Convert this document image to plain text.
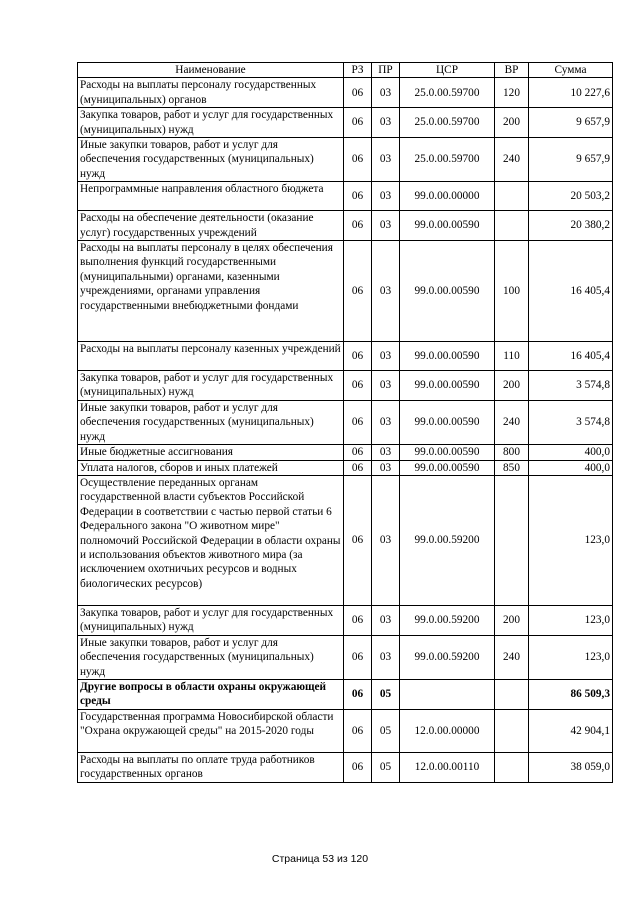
Наименование	РЗ	ПР	ЦСР	ВР	Сумма
Расходы на выплаты персоналу государственных (муниципальных) органов	06	03	25.0.00.59700	120	10 227,6
Закупка товаров, работ и услуг для государственных (муниципальных) нужд	06	03	25.0.00.59700	200	9 657,9
Иные закупки товаров, работ и услуг для обеспечения государственных (муниципальных) нужд	06	03	25.0.00.59700	240	9 657,9
Непрограммные направления областного бюджета	06	03	99.0.00.00000		20 503,2
Расходы на обеспечение деятельности (оказание услуг) государственных учреждений	06	03	99.0.00.00590		20 380,2
Расходы на выплаты персоналу в целях обеспечения выполнения функций государственными (муниципальными) органами, казенными учреждениями, органами управления государственными внебюджетными фондами	06	03	99.0.00.00590	100	16 405,4
Расходы на выплаты персоналу казенных учреждений	06	03	99.0.00.00590	110	16 405,4
Закупка товаров, работ и услуг для государственных (муниципальных) нужд	06	03	99.0.00.00590	200	3 574,8
Иные закупки товаров, работ и услуг для обеспечения государственных (муниципальных) нужд	06	03	99.0.00.00590	240	3 574,8
Иные бюджетные ассигнования	06	03	99.0.00.00590	800	400,0
Уплата налогов, сборов и иных платежей	06	03	99.0.00.00590	850	400,0
Осуществление переданных органам государственной власти субъектов Российской Федерации в соответствии с частью первой статьи 6 Федерального закона "О животном мире" полномочий Российской Федерации в области охраны и использования объектов животного мира (за исключением охотничьих ресурсов и водных биологических ресурсов)	06	03	99.0.00.59200		123,0
Закупка товаров, работ и услуг для государственных (муниципальных) нужд	06	03	99.0.00.59200	200	123,0
Иные закупки товаров, работ и услуг для обеспечения государственных (муниципальных) нужд	06	03	99.0.00.59200	240	123,0
Другие вопросы в области охраны окружающей среды	06	05			86 509,3
Государственная программа Новосибирской области "Охрана окружающей среды" на 2015-2020 годы	06	05	12.0.00.00000		42 904,1
Расходы на выплаты по оплате труда работников государственных органов	06	05	12.0.00.00110		38 059,0
Страница 53 из 120
